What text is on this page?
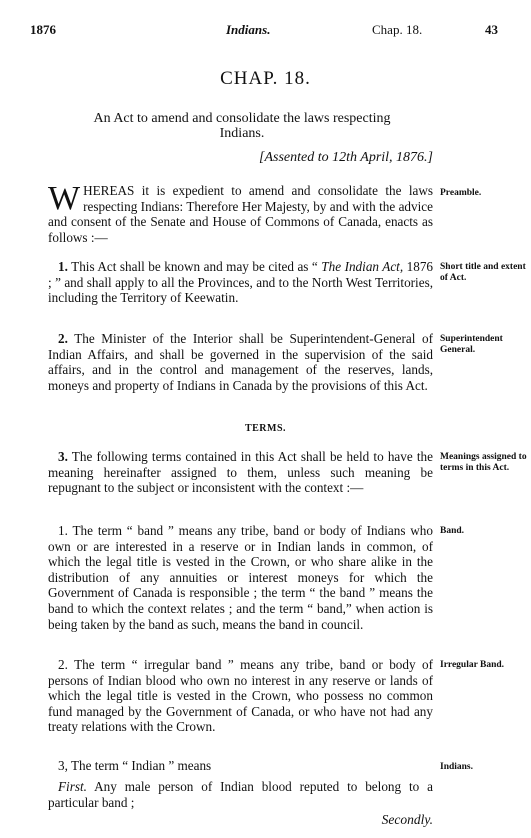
1876	Indians.	Chap. 18.	43
CHAP. 18.
An Act to amend and consolidate the laws respecting
Indians.
[Assented to 12th April, 1876.]
WHEREAS it is expedient to amend and consolidate the laws respecting Indians: Therefore Her Majesty, by and with the advice and consent of the Senate and House of Commons of Canada, enacts as follows :—
Preamble.
1. This Act shall be known and may be cited as “ The Indian Act, 1876 ; ” and shall apply to all the Provinces, and to the North West Territories, including the Territory of Keewatin.
Short title and extent of Act.
2. The Minister of the Interior shall be Superintendent-General of Indian Affairs, and shall be governed in the supervision of the said affairs, and in the control and management of the reserves, lands, moneys and property of Indians in Canada by the provisions of this Act.
Superintendent General.
TERMS.
3. The following terms contained in this Act shall be held to have the meaning hereinafter assigned to them, unless such meaning be repugnant to the subject or inconsistent with the context :—
Meanings assigned to terms in this Act.
1. The term “ band ” means any tribe, band or body of Indians who own or are interested in a reserve or in Indian lands in common, of which the legal title is vested in the Crown, or who share alike in the distribution of any annuities or interest moneys for which the Government of Canada is responsible ; the term “ the band ” means the band to which the context relates ; and the term “ band,” when action is being taken by the band as such, means the band in council.
Band.
2. The term “ irregular band ” means any tribe, band or body of persons of Indian blood who own no interest in any reserve or lands of which the legal title is vested in the Crown, who possess no common fund managed by the Government of Canada, or who have not had any treaty relations with the Crown.
Irregular Band.
3, The term “ Indian ” means	Indians.
First. Any male person of Indian blood reputed to belong to a particular band ;
Secondly.
